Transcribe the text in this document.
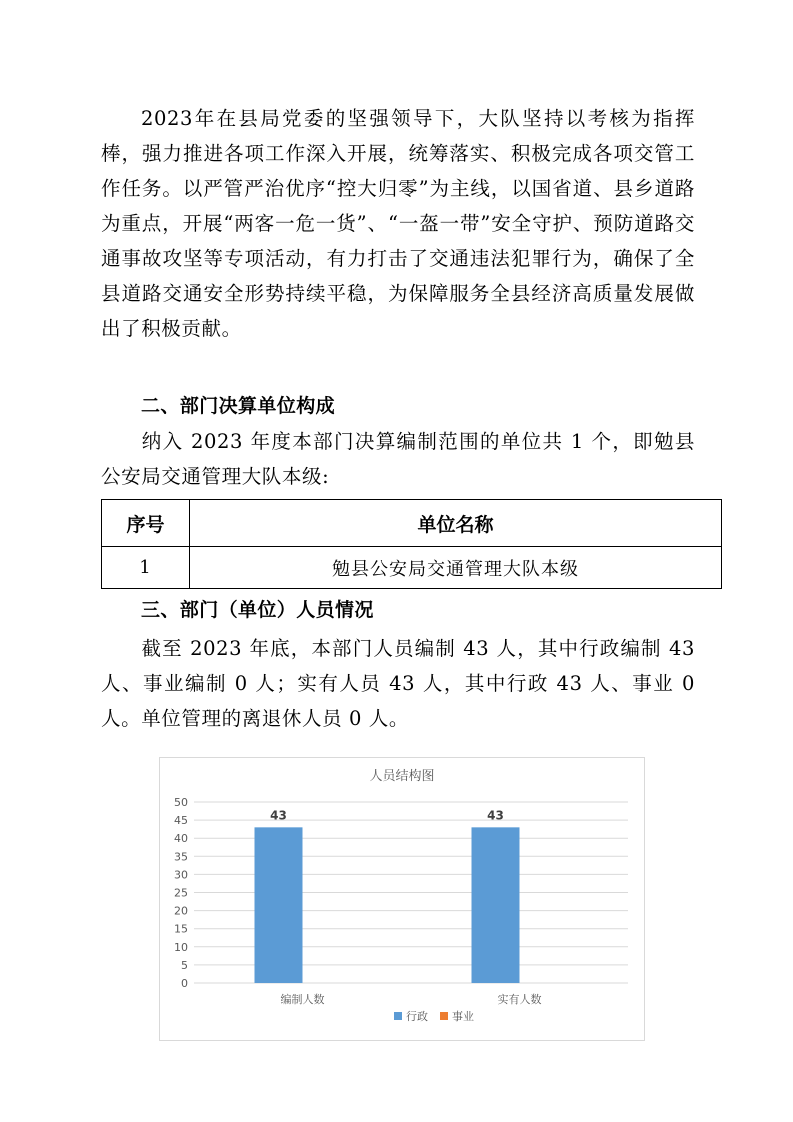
2023年在县局党委的坚强领导下，大队坚持以考核为指挥棒，强力推进各项工作深入开展，统筹落实、积极完成各项交管工作任务。以严管严治优序“控大归零”为主线，以国省道、县乡道路为重点，开展“两客一危一货”、“一盔一带”安全守护、预防道路交通事故攻坚等专项活动，有力打击了交通违法犯罪行为，确保了全县道路交通安全形势持续平稳，为保障服务全县经济高质量发展做出了积极贡献。

二、部门决算单位构成

纳入 2023 年度本部门决算编制范围的单位共 1 个，即勉县公安局交通管理大队本级:

序号	单位名称
1	勉县公安局交通管理大队本级

三、部门（单位）人员情况

截至 2023 年底，本部门人员编制 43 人，其中行政编制 43 人、事业编制 0 人；实有人员 43 人，其中行政 43 人、事业 0 人。单位管理的离退休人员 0 人。

人员结构图
0
5
10
15
20
25
30
35
40
45
50
43
编制人数
43
实有人数
行政 事业
